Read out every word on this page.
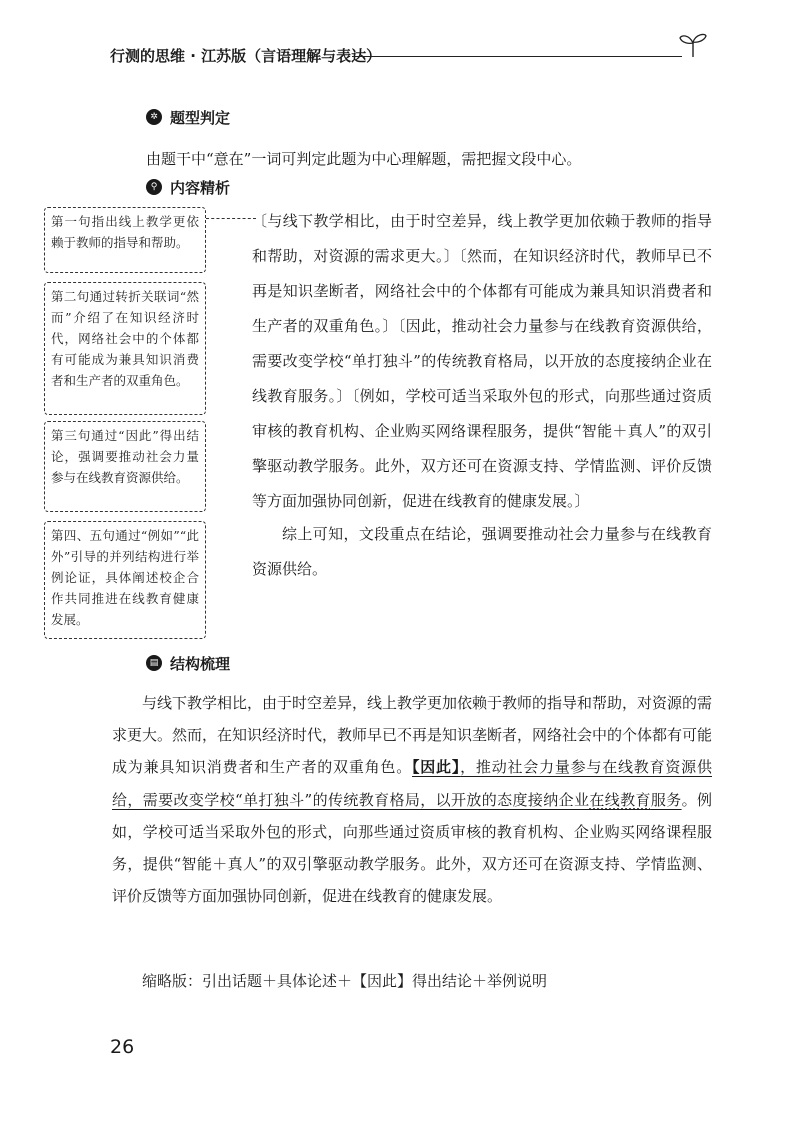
行测的思维 · 江苏版（言语理解与表达）
✲ 题型判定
由题干中“意在”一词可判定此题为中心理解题，需把握文段中心。
⚲ 内容精析
第一句指出线上教学更依赖于教师的指导和帮助。
第二句通过转折关联词“然而”介绍了在知识经济时代，网络社会中的个体都有可能成为兼具知识消费者和生产者的双重角色。
第三句通过“因此”得出结论，强调要推动社会力量参与在线教育资源供给。
第四、五句通过“例如”“此外”引导的并列结构进行举例论证，具体阐述校企合作共同推进在线教育健康发展。
〔与线下教学相比，由于时空差异，线上教学更加依赖于教师的指导和帮助，对资源的需求更大。〕〔然而，在知识经济时代，教师早已不再是知识垄断者，网络社会中的个体都有可能成为兼具知识消费者和生产者的双重角色。〕〔因此，推动社会力量参与在线教育资源供给，需要改变学校“单打独斗”的传统教育格局，以开放的态度接纳企业在线教育服务。〕〔例如，学校可适当采取外包的形式，向那些通过资质审核的教育机构、企业购买网络课程服务，提供“智能＋真人”的双引擎驱动教学服务。此外，双方还可在资源支持、学情监测、评价反馈等方面加强协同创新，促进在线教育的健康发展。〕
综上可知，文段重点在结论，强调要推动社会力量参与在线教育资源供给。
▤ 结构梳理
与线下教学相比，由于时空差异，线上教学更加依赖于教师的指导和帮助，对资源的需求更大。然而，在知识经济时代，教师早已不再是知识垄断者，网络社会中的个体都有可能成为兼具知识消费者和生产者的双重角色。【因此】，推动社会力量参与在线教育资源供给，需要改变学校“单打独斗”的传统教育格局，以开放的态度接纳企业在线教育服务。例如，学校可适当采取外包的形式，向那些通过资质审核的教育机构、企业购买网络课程服务，提供“智能＋真人”的双引擎驱动教学服务。此外，双方还可在资源支持、学情监测、评价反馈等方面加强协同创新，促进在线教育的健康发展。
缩略版：引出话题＋具体论述＋【因此】得出结论＋举例说明
26
